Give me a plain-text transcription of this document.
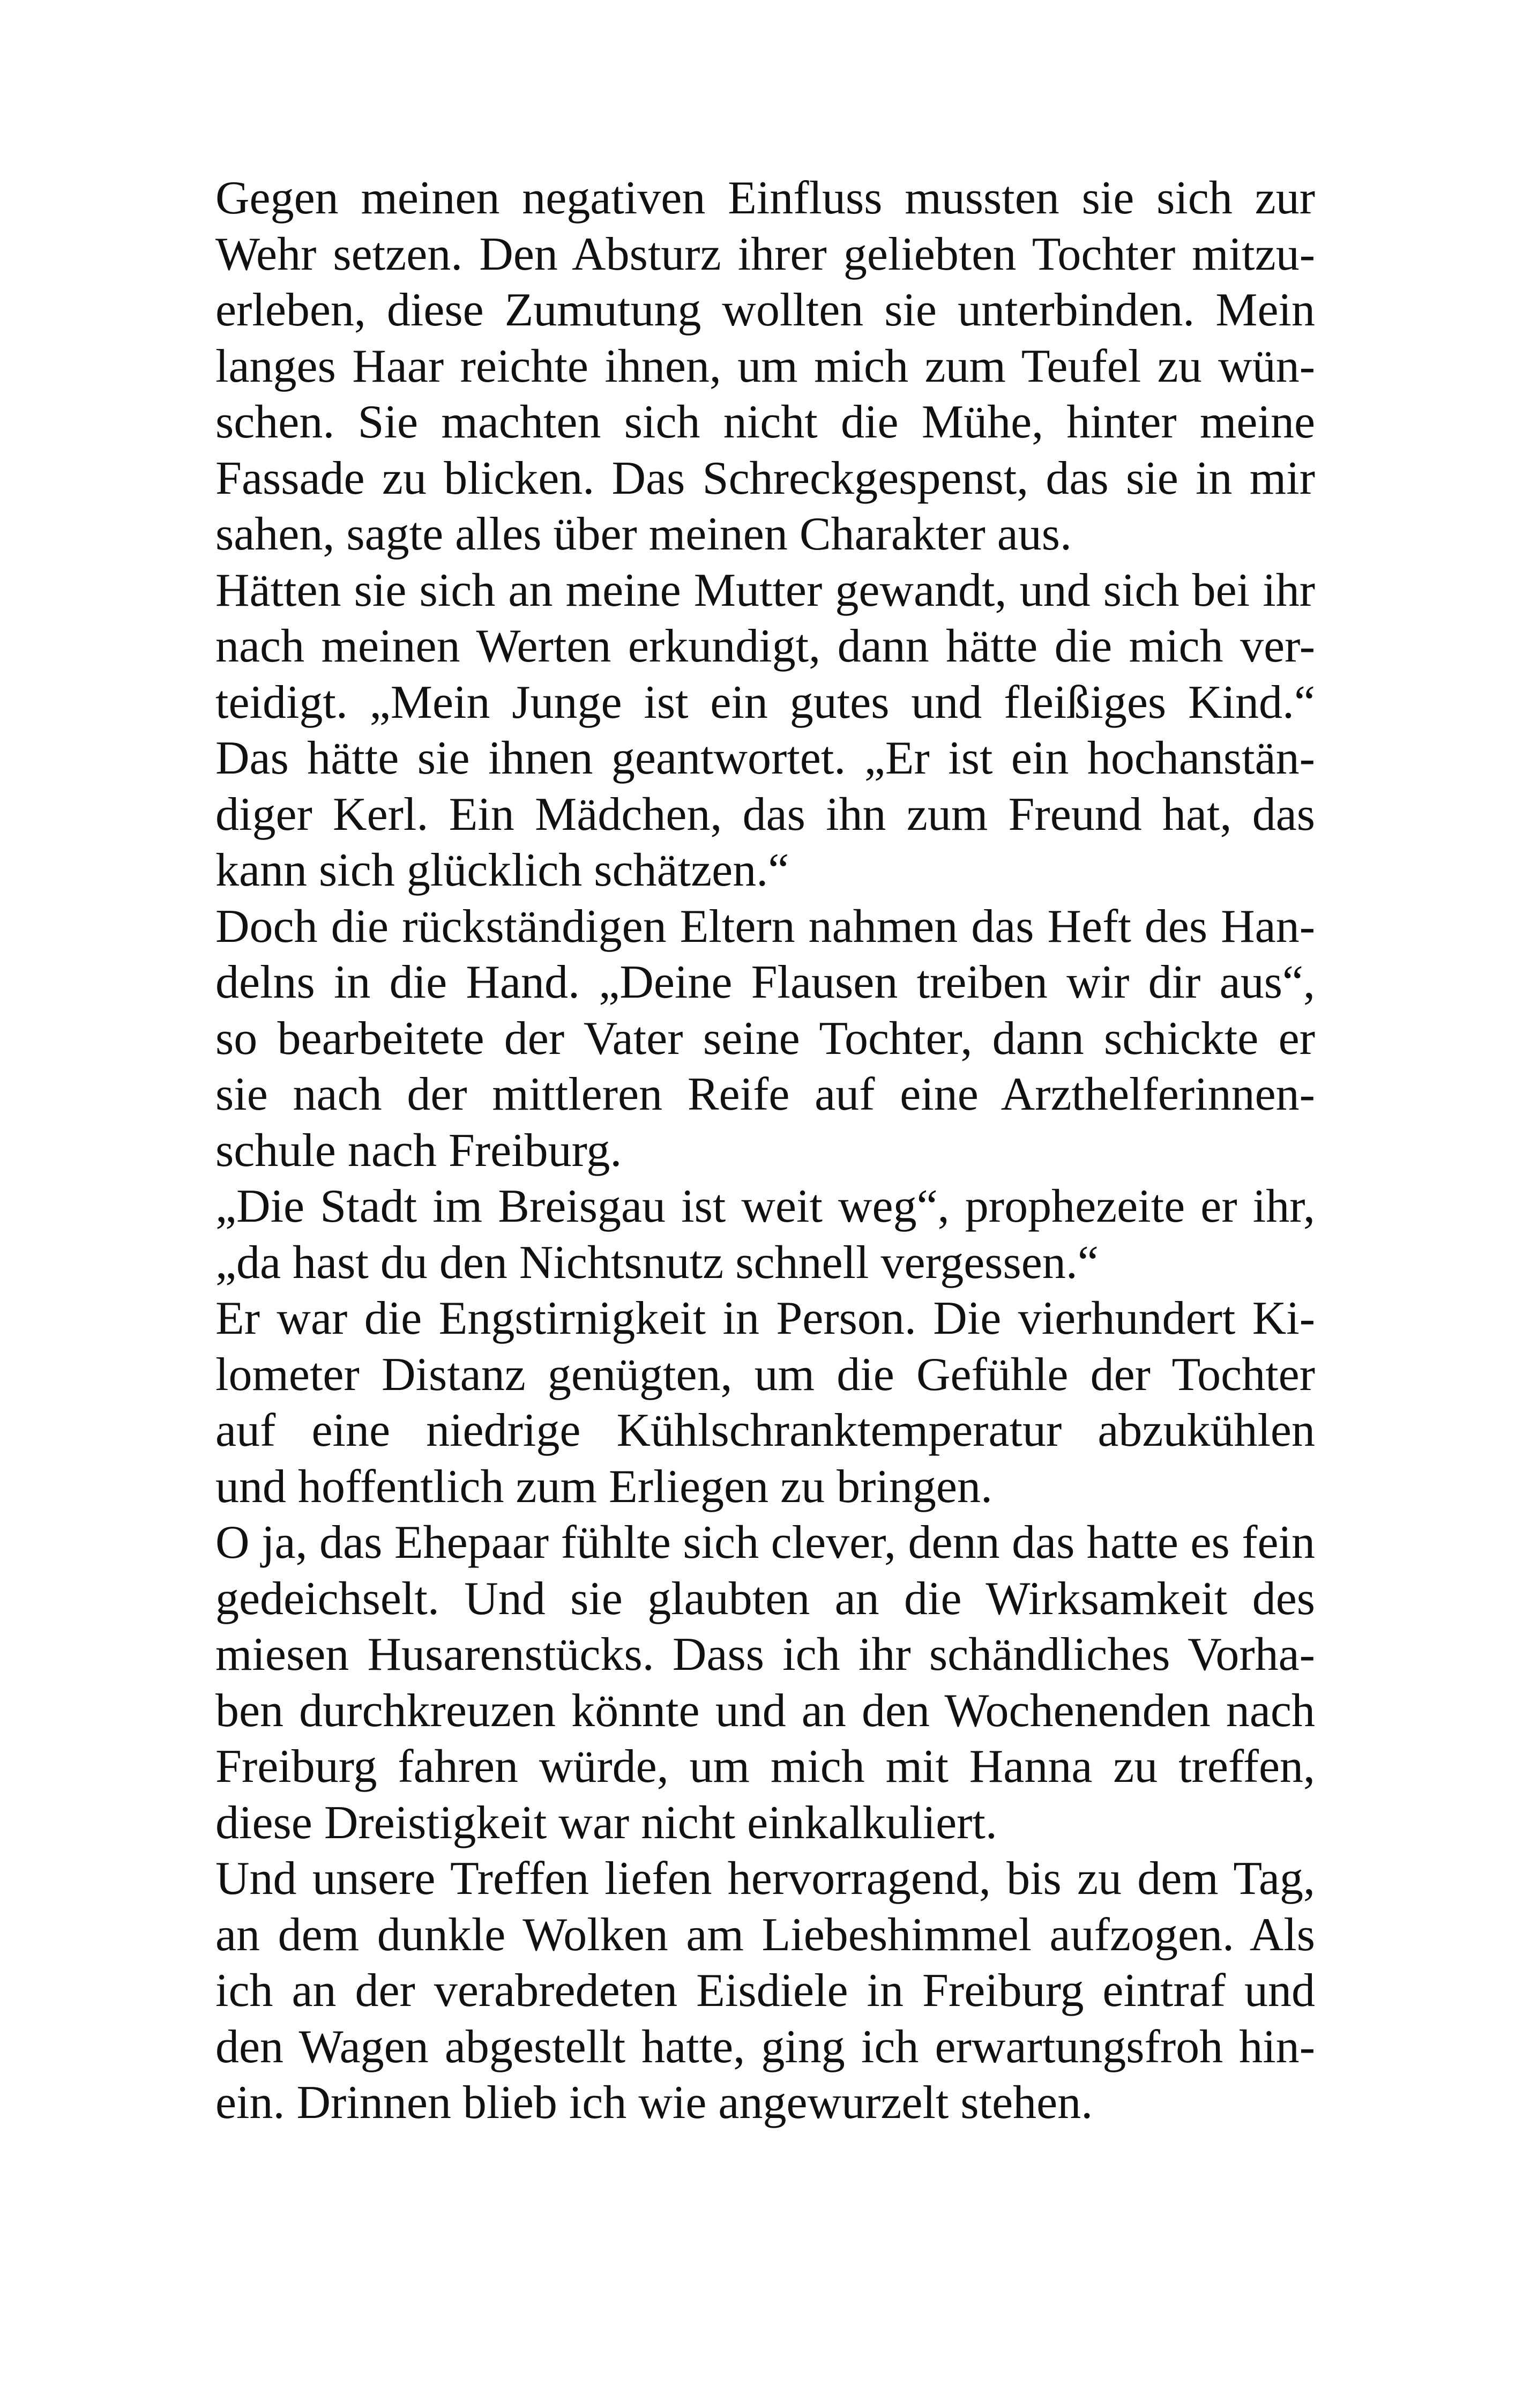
Gegen meinen negativen Einfluss mussten sie sich zur
Wehr setzen. Den Absturz ihrer geliebten Tochter mitzu-
erleben, diese Zumutung wollten sie unterbinden. Mein
langes Haar reichte ihnen, um mich zum Teufel zu wün-
schen. Sie machten sich nicht die Mühe, hinter meine
Fassade zu blicken. Das Schreckgespenst, das sie in mir
sahen, sagte alles über meinen Charakter aus.
Hätten sie sich an meine Mutter gewandt, und sich bei ihr
nach meinen Werten erkundigt, dann hätte die mich ver-
teidigt. „Mein Junge ist ein gutes und fleißiges Kind.“
Das hätte sie ihnen geantwortet. „Er ist ein hochanstän-
diger Kerl. Ein Mädchen, das ihn zum Freund hat, das
kann sich glücklich schätzen.“
Doch die rückständigen Eltern nahmen das Heft des Han-
delns in die Hand. „Deine Flausen treiben wir dir aus“,
so bearbeitete der Vater seine Tochter, dann schickte er
sie nach der mittleren Reife auf eine Arzthelferinnen-
schule nach Freiburg.
„Die Stadt im Breisgau ist weit weg“, prophezeite er ihr,
„da hast du den Nichtsnutz schnell vergessen.“
Er war die Engstirnigkeit in Person. Die vierhundert Ki-
lometer Distanz genügten, um die Gefühle der Tochter
auf eine niedrige Kühlschranktemperatur abzukühlen
und hoffentlich zum Erliegen zu bringen.
O ja, das Ehepaar fühlte sich clever, denn das hatte es fein
gedeichselt. Und sie glaubten an die Wirksamkeit des
miesen Husarenstücks. Dass ich ihr schändliches Vorha-
ben durchkreuzen könnte und an den Wochenenden nach
Freiburg fahren würde, um mich mit Hanna zu treffen,
diese Dreistigkeit war nicht einkalkuliert.
Und unsere Treffen liefen hervorragend, bis zu dem Tag,
an dem dunkle Wolken am Liebeshimmel aufzogen. Als
ich an der verabredeten Eisdiele in Freiburg eintraf und
den Wagen abgestellt hatte, ging ich erwartungsfroh hin-
ein. Drinnen blieb ich wie angewurzelt stehen.
